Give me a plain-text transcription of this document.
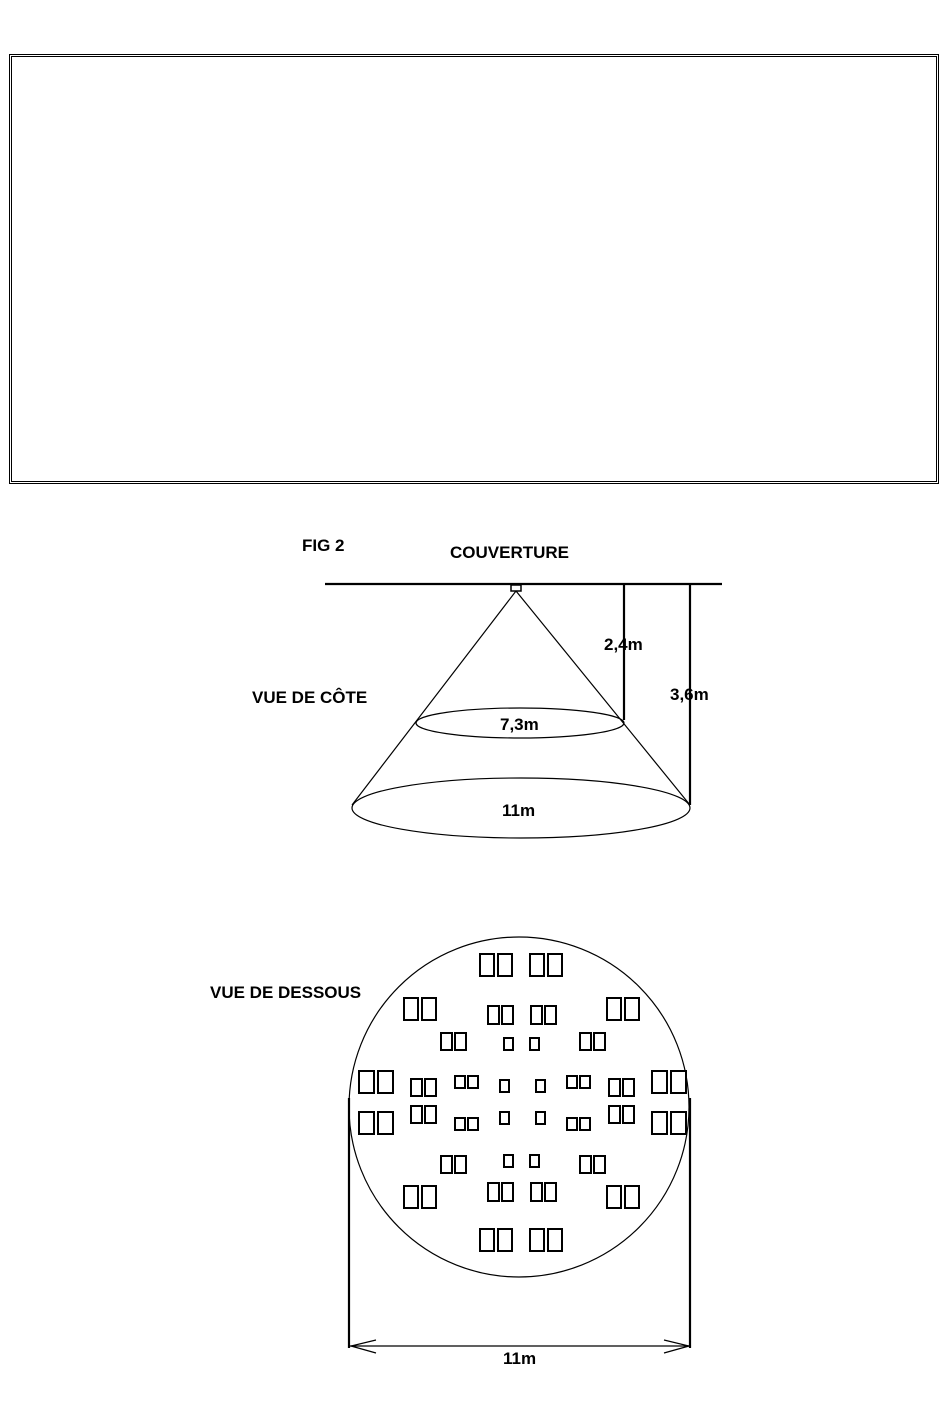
FIG 2	COUVERTURE
VUE DE CÔTE
VUE DE DESSOUS
2,4m
3,6m
7,3m
11m
11m
